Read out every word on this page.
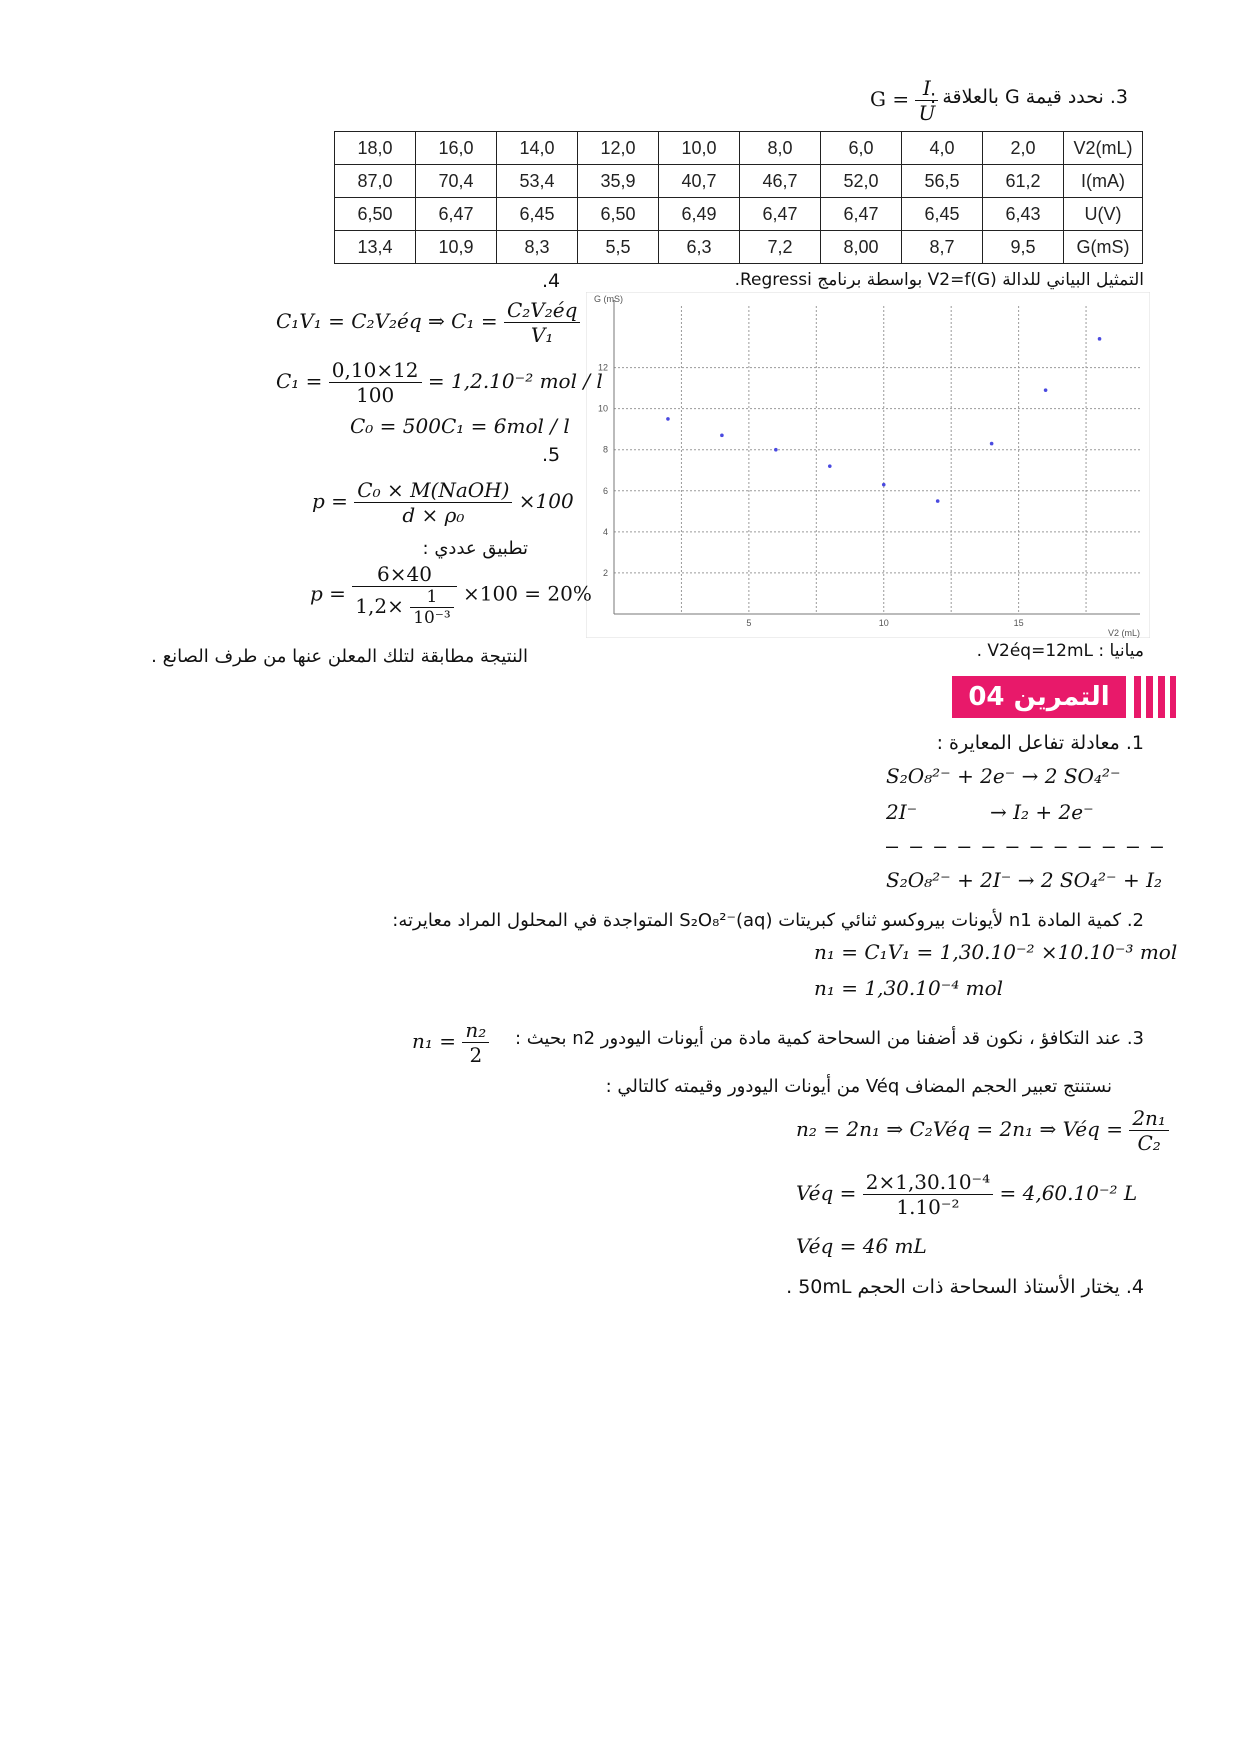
3. نحدد قيمة G بالعلاقة :
$G = \frac{I}{U}$
18,0	16,0	14,0	12,0	10,0	8,0	6,0	4,0	2,0	V2(mL)
87,0	70,4	53,4	35,9	40,7	46,7	52,0	56,5	61,2	I(mA)
6,50	6,47	6,45	6,50	6,49	6,47	6,47	6,45	6,43	U(V)
13,4	10,9	8,3	5,5	6,3	7,2	8,00	8,7	9,5	G(mS)
التمثيل البياني للدالة V2=f(G) بواسطة برنامج Regressi.
2
4
6
8
10
12
5	10	15
G (mS)
V2 (mL)
ميانيا : V2éq=12mL .
.4
C₁V₁ = C₂V₂éq ⇒ $C_1 = \frac{\text{C₂V₂éq}}{\text{V₁}}$
$C_1 = \frac{0,10\times 12}{100} = 1,2.10^{-2}$ mol / l
C₀ = 500C₁ = 6mol / l
.5
$p = \frac{\text{C₀ × M(NaOH)}}{\text{d × ρ₀}} \times 100$
تطبيق عددي :
$p = \frac{6\times 40}{1,2\times \frac{1}{\text{10⁻³}}} \times 100 = 20\%$
النتيجة مطابقة لتلك المعلن عنها من طرف الصانع .
التمرين 04
1. معادلة تفاعل المعايرة :
S₂O₈²⁻ + 2e⁻ → 2 SO₄²⁻
2I⁻	→ I₂ + 2e⁻
– – – – – – – – – – – –
S₂O₈²⁻ + 2I⁻ → 2 SO₄²⁻ + I₂
2. كمية المادة n1 لأيونات بيروكسو ثنائي كبريتات S₂O₈²⁻(aq) المتواجدة في المحلول المراد معايرته:
n₁ = C₁V₁ = 1,30.10⁻² ×10.10⁻³ mol
n₁ = 1,30.10⁻⁴ mol
3. عند التكافؤ ، نكون قد أضفنا من السحاحة كمية مادة من أيونات اليودور n2 بحيث :
$n_1 = \frac{\text{n₂}}{2}$
نستنتج تعبير الحجم المضاف Véq من أيونات اليودور وقيمته كالتالي :
n₂ = 2n₁ ⇒ C₂Véq = 2n₁ ⇒ Véq = $\frac{\text{2n₁}}{\text{C₂}}$
Véq = $\frac{\text{2×1,30.10⁻⁴}}{\text{1.10⁻²}} = 4,60.10^{-2}$ L
Véq = 46 mL
4. يختار الأستاذ السحاحة ذات الحجم 50mL .
